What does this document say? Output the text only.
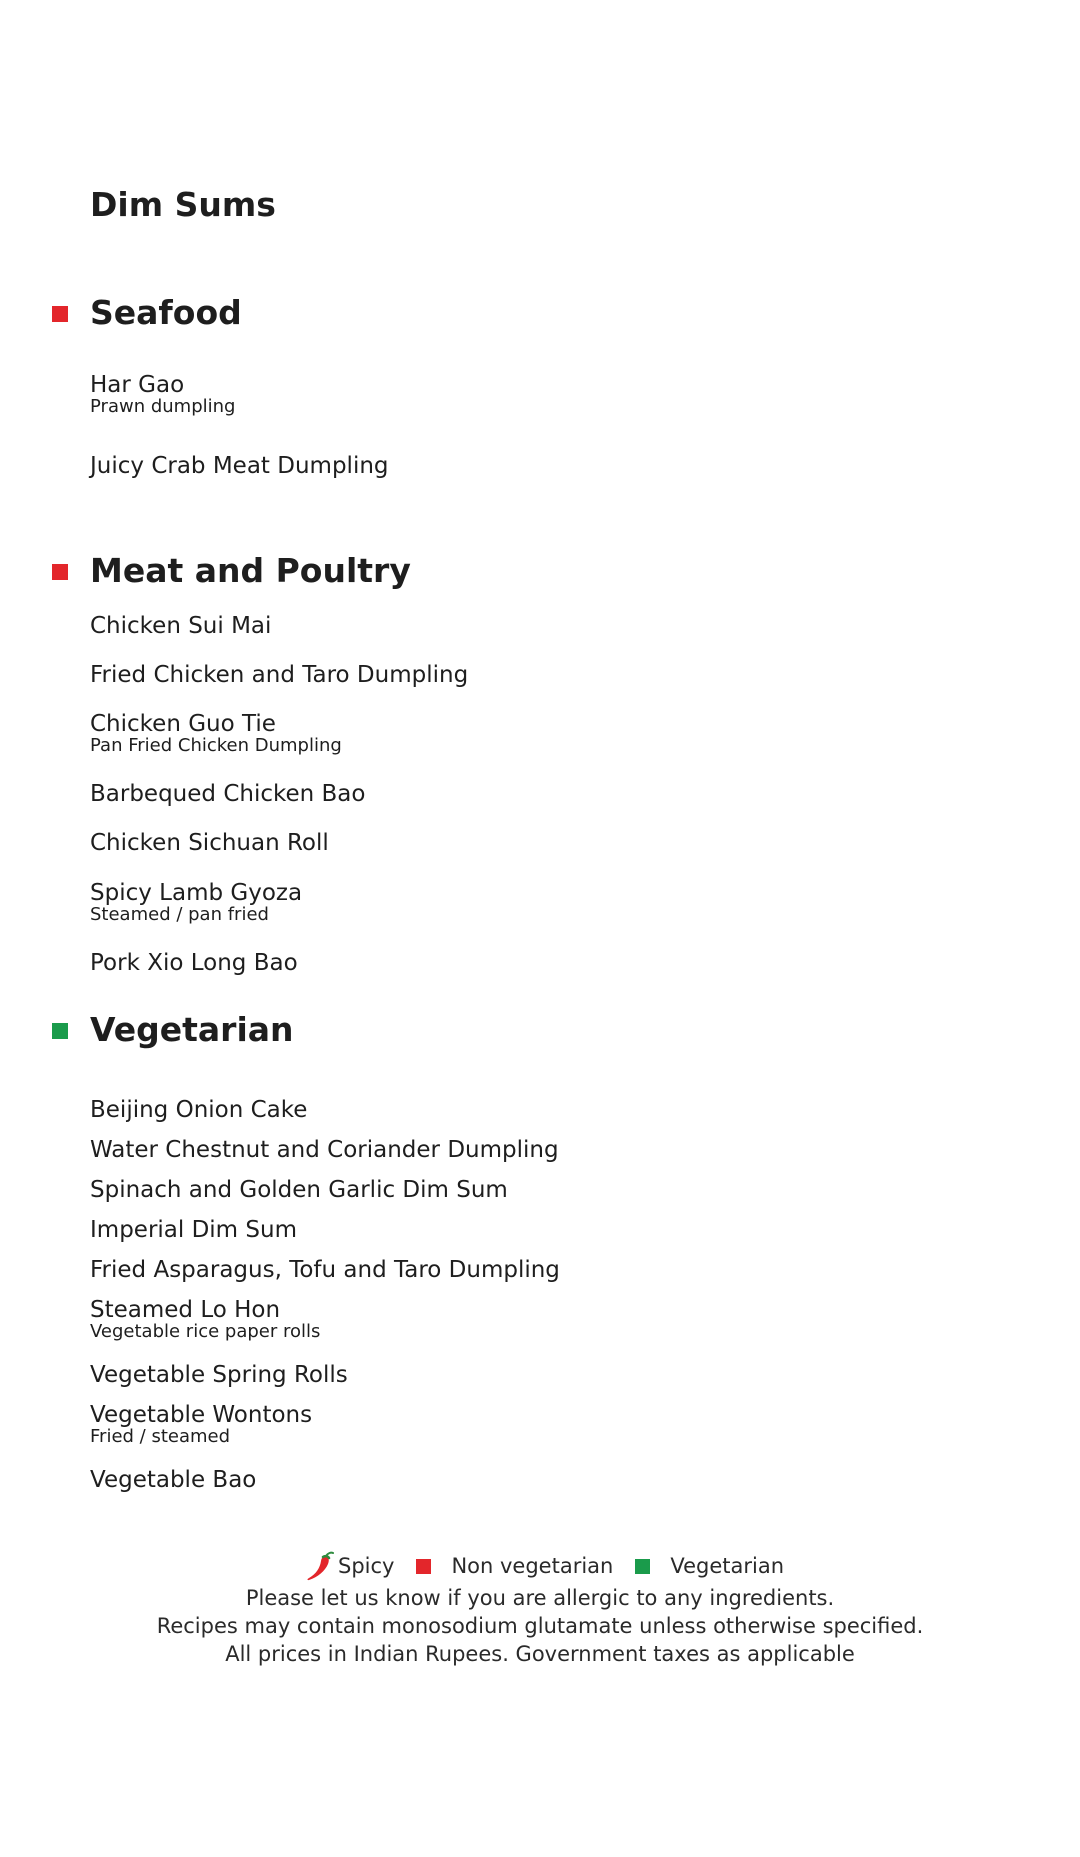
Dim Sums
Seafood
Har Gao
Prawn dumpling
Juicy Crab Meat Dumpling
Meat and Poultry
Chicken Sui Mai
Fried Chicken and Taro Dumpling
Chicken Guo Tie
Pan Fried Chicken Dumpling
Barbequed Chicken Bao
Chicken Sichuan Roll
Spicy Lamb Gyoza
Steamed / pan fried
Pork Xio Long Bao
Vegetarian
Beijing Onion Cake
Water Chestnut and Coriander Dumpling
Spinach and Golden Garlic Dim Sum
Imperial Dim Sum
Fried Asparagus, Tofu and Taro Dumpling
Steamed Lo Hon
Vegetable rice paper rolls
Vegetable Spring Rolls
Vegetable Wontons
Fried / steamed
Vegetable Bao
Spicy	Non vegetarian	Vegetarian
Please let us know if you are allergic to any ingredients.
Recipes may contain monosodium glutamate unless otherwise specified.
All prices in Indian Rupees. Government taxes as applicable
